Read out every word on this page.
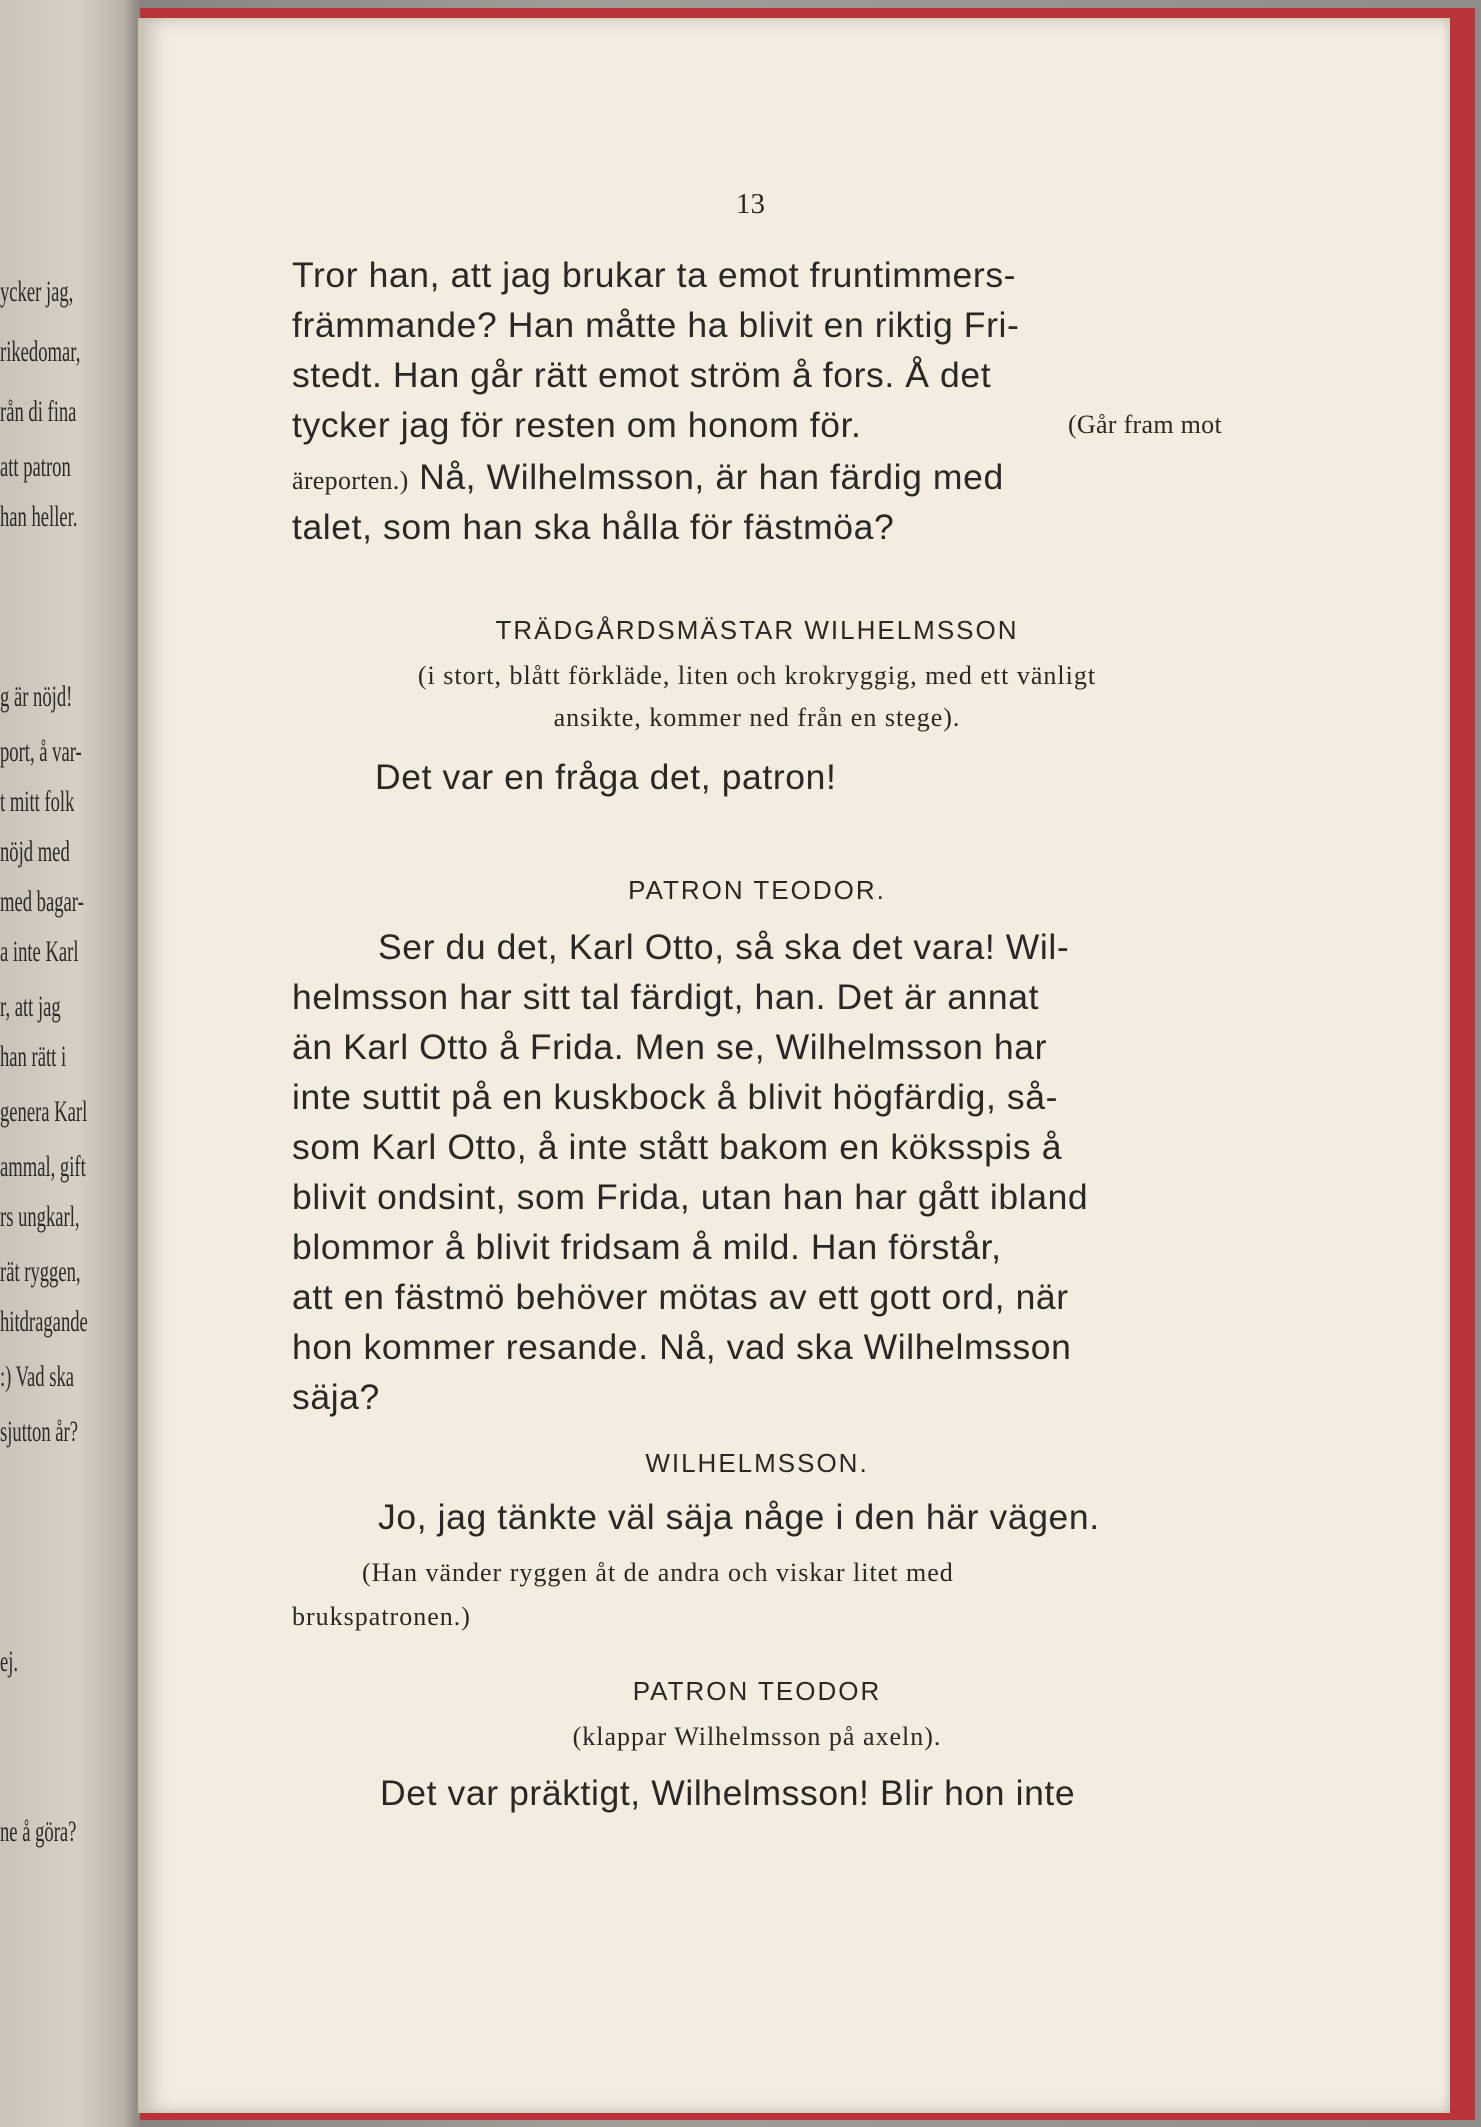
ycker jag,
rikedomar,
rån di fina
att patron
han heller.
g är nöjd!
port, å var-
t mitt folk
nöjd med
med bagar-
a inte Karl
r, att jag
han rätt i
genera Karl
ammal, gift
rs ungkarl,
rät ryggen,
hitdragande
:) Vad ska
sjutton år?
ej.
ne å göra?
13
Tror han, att jag brukar ta emot fruntimmers-
främmande? Han måtte ha blivit en riktig Fri-
stedt. Han går rätt emot ström å fors. Å det
tycker jag för resten om honom för.	(Går fram mot
äreporten.) Nå, Wilhelmsson, är han färdig med
talet, som han ska hålla för fästmöa?
TRÄDGÅRDSMÄSTAR WILHELMSSON
(i stort, blått förkläde, liten och krokryggig, med ett vänligt
ansikte, kommer ned från en stege).
Det var en fråga det, patron!
PATRON TEODOR.
Ser du det, Karl Otto, så ska det vara! Wil-
helmsson har sitt tal färdigt, han. Det är annat
än Karl Otto å Frida. Men se, Wilhelmsson har
inte suttit på en kuskbock å blivit högfärdig, så-
som Karl Otto, å inte stått bakom en köksspis å
blivit ondsint, som Frida, utan han har gått ibland
blommor å blivit fridsam å mild. Han förstår,
att en fästmö behöver mötas av ett gott ord, när
hon kommer resande. Nå, vad ska Wilhelmsson
säja?
WILHELMSSON.
Jo, jag tänkte väl säja någe i den här vägen.
(Han vänder ryggen åt de andra och viskar litet med
brukspatronen.)
PATRON TEODOR
(klappar Wilhelmsson på axeln).
Det var präktigt, Wilhelmsson! Blir hon inte
